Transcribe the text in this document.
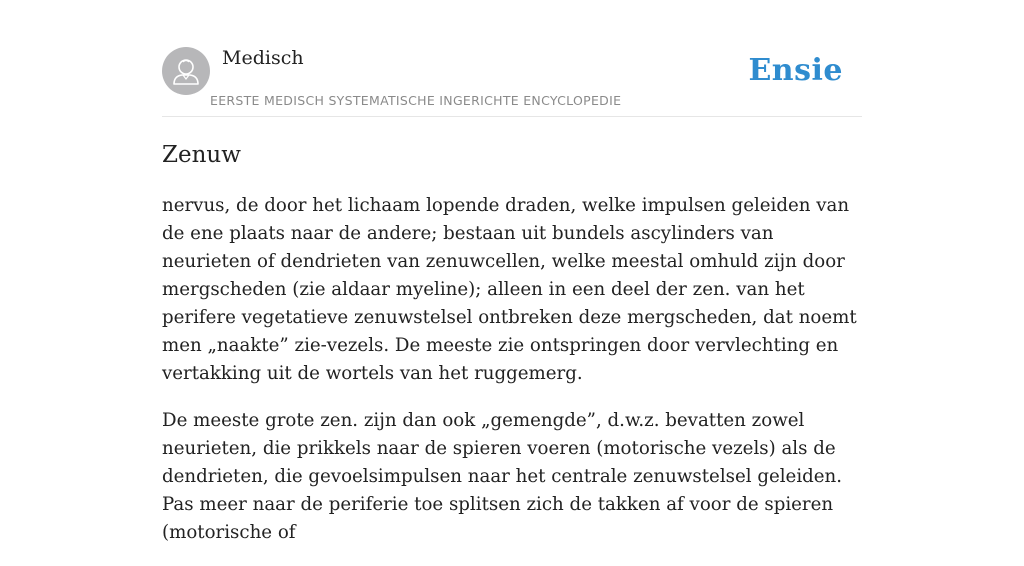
Medisch
EERSTE MEDISCH SYSTEMATISCHE INGERICHTE ENCYCLOPEDIE
Ensie
Zenuw

nervus, de door het lichaam lopende draden, welke impulsen geleiden van de ene plaats naar de andere; bestaan uit bundels ascylinders van neurieten of dendrieten van zenuwcellen, welke meestal omhuld zijn door mergscheden (zie aldaar myeline); alleen in een deel der zen. van het perifere vegetatieve zenuwstelsel ontbreken deze mergscheden, dat noemt men „naakte” zie-vezels. De meeste zie ontspringen door vervlechting en vertakking uit de wortels van het ruggemerg.

De meeste grote zen. zijn dan ook „gemengde”, d.w.z. bevatten zowel neurieten, die prikkels naar de spieren voeren (motorische vezels) als de dendrieten, die gevoelsimpulsen naar het centrale zenuwstelsel geleiden. Pas meer naar de periferie toe splitsen zich de takken af voor de spieren (motorische of
